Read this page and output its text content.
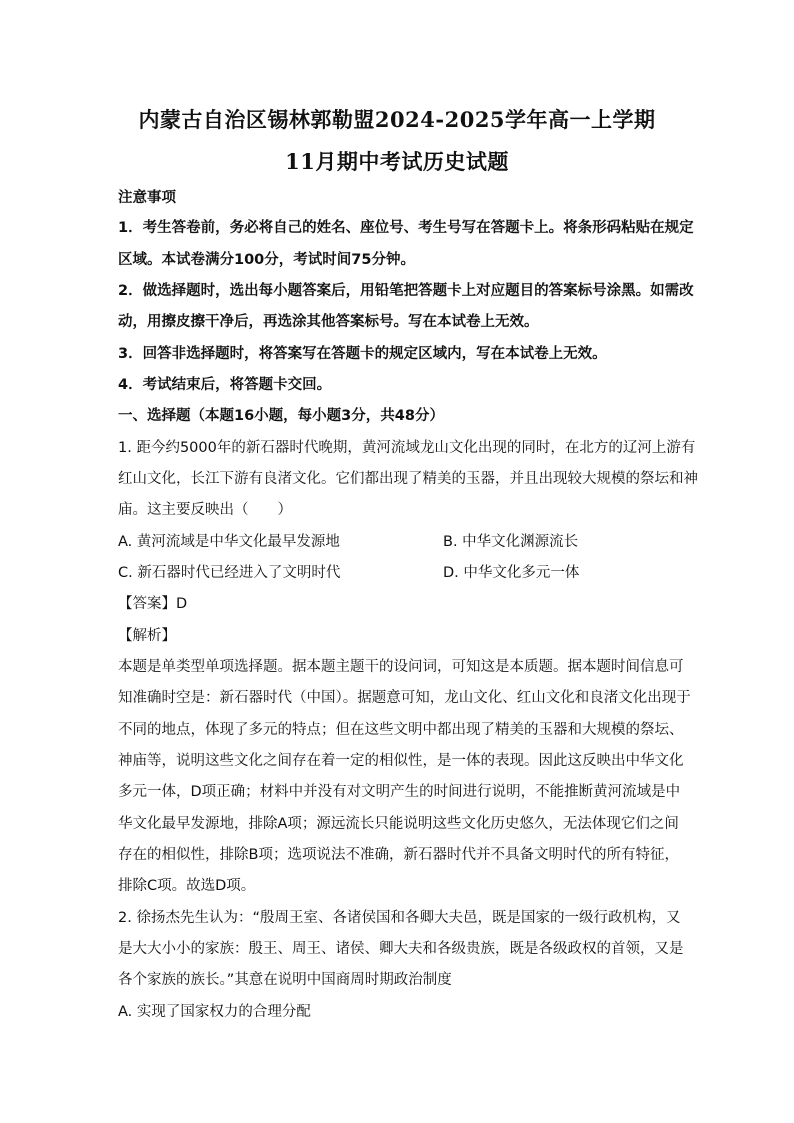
内蒙古自治区锡林郭勒盟2024-2025学年高一上学期
11月期中考试历史试题
注意事项
1．考生答卷前，务必将自己的姓名、座位号、考生号写在答题卡上。将条形码粘贴在规定
区域。本试卷满分100分，考试时间75分钟。
2．做选择题时，选出每小题答案后，用铅笔把答题卡上对应题目的答案标号涂黑。如需改
动，用擦皮擦干净后，再选涂其他答案标号。写在本试卷上无效。
3．回答非选择题时，将答案写在答题卡的规定区域内，写在本试卷上无效。
4．考试结束后，将答题卡交回。
一、选择题（本题16小题，每小题3分，共48分）
1. 距今约5000年的新石器时代晚期，黄河流域龙山文化出现的同时，在北方的辽河上游有
红山文化，长江下游有良渚文化。它们都出现了精美的玉器，并且出现较大规模的祭坛和神
庙。这主要反映出（　　）
A. 黄河流域是中华文化最早发源地	B. 中华文化渊源流长
C. 新石器时代已经进入了文明时代	D. 中华文化多元一体
【答案】D
【解析】
本题是单类型单项选择题。据本题主题干的设问词，可知这是本质题。据本题时间信息可
知准确时空是：新石器时代（中国）。据题意可知，龙山文化、红山文化和良渚文化出现于
不同的地点，体现了多元的特点；但在这些文明中都出现了精美的玉器和大规模的祭坛、
神庙等，说明这些文化之间存在着一定的相似性，是一体的表现。因此这反映出中华文化
多元一体，D项正确；材料中并没有对文明产生的时间进行说明，不能推断黄河流域是中
华文化最早发源地，排除A项；源远流长只能说明这些文化历史悠久，无法体现它们之间
存在的相似性，排除B项；选项说法不准确，新石器时代并不具备文明时代的所有特征，
排除C项。故选D项。
2. 徐扬杰先生认为：“殷周王室、各诸侯国和各卿大夫邑，既是国家的一级行政机构，又
是大大小小的家族：殷王、周王、诸侯、卿大夫和各级贵族，既是各级政权的首领，又是
各个家族的族长。”其意在说明中国商周时期政治制度
A. 实现了国家权力的合理分配
